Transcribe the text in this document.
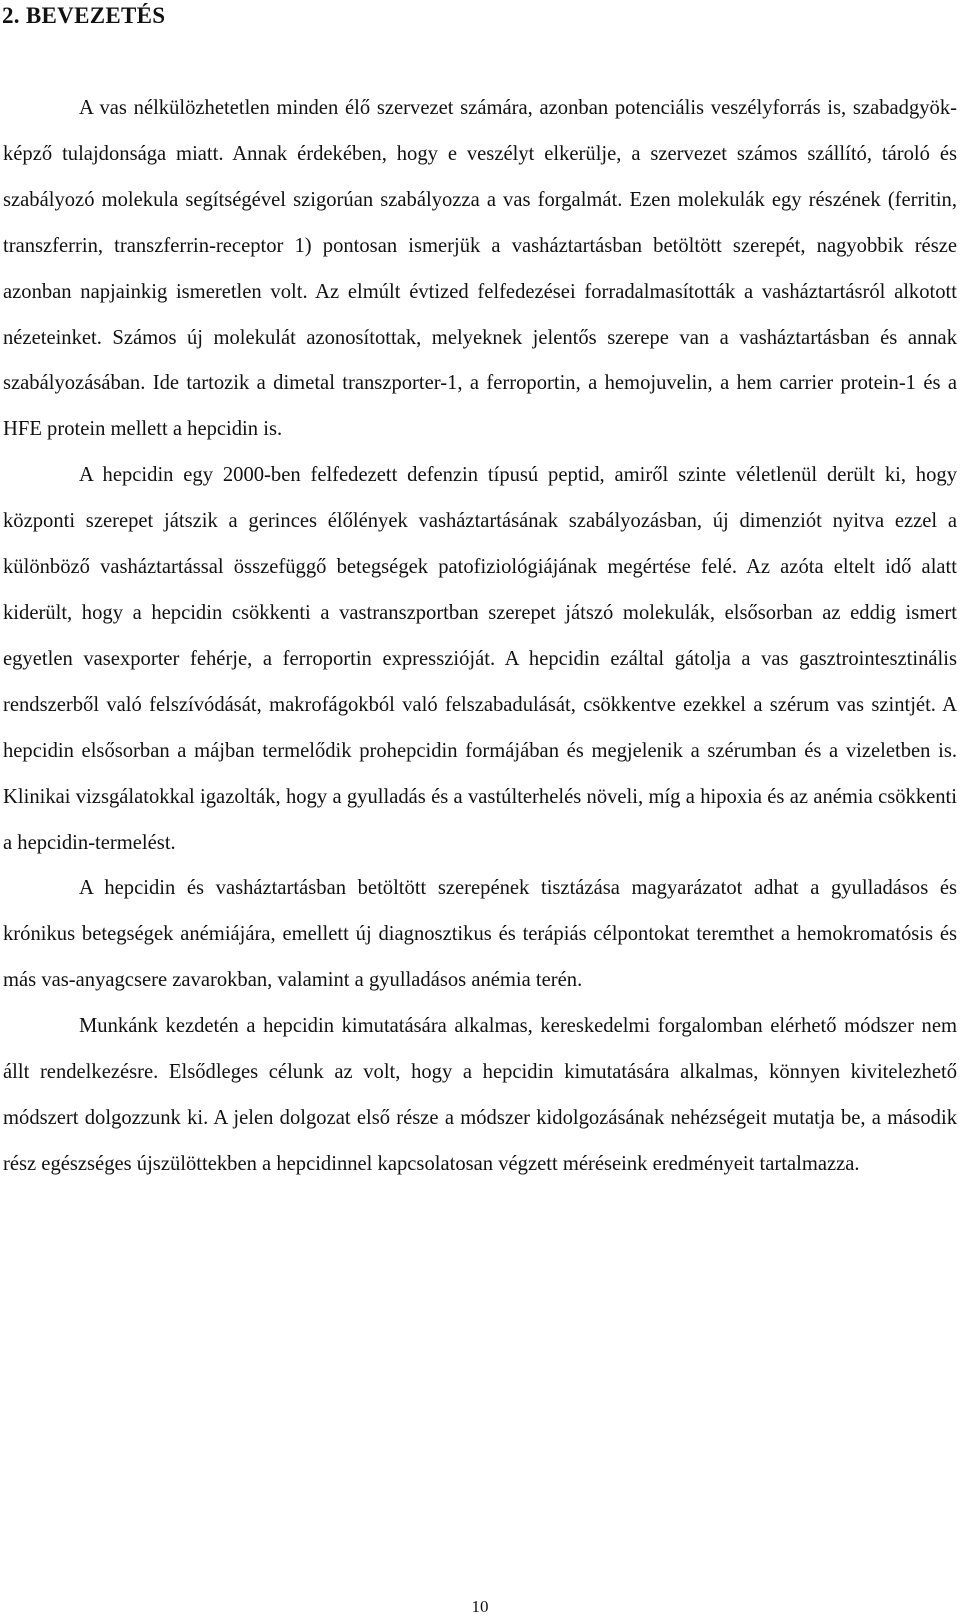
2. BEVEZETÉS

A vas nélkülözhetetlen minden élő szervezet számára, azonban potenciális veszélyforrás is, szabadgyök-képző tulajdonsága miatt. Annak érdekében, hogy e veszélyt elkerülje, a szervezet számos szállító, tároló és szabályozó molekula segítségével szigorúan szabályozza a vas forgalmát. Ezen molekulák egy részének (ferritin, transzferrin, transzferrin-receptor 1) pontosan ismerjük a vasháztartásban betöltött szerepét, nagyobbik része azonban napjainkig ismeretlen volt. Az elmúlt évtized felfedezései forradalmasították a vasháztartásról alkotott nézeteinket. Számos új molekulát azonosítottak, melyeknek jelentős szerepe van a vasháztartásban és annak szabályozásában. Ide tartozik a dimetal transzporter-1, a ferroportin, a hemojuvelin, a hem carrier protein-1 és a HFE protein mellett a hepcidin is.

A hepcidin egy 2000-ben felfedezett defenzin típusú peptid, amiről szinte véletlenül derült ki, hogy központi szerepet játszik a gerinces élőlények vasháztartásának szabályozásban, új dimenziót nyitva ezzel a különböző vasháztartással összefüggő betegségek patofiziológiájának megértése felé. Az azóta eltelt idő alatt kiderült, hogy a hepcidin csökkenti a vastranszportban szerepet játszó molekulák, elsősorban az eddig ismert egyetlen vasexporter fehérje, a ferroportin expresszióját. A hepcidin ezáltal gátolja a vas gasztrointesztinális rendszerből való felszívódását, makrofágokból való felszabadulását, csökkentve ezekkel a szérum vas szintjét. A hepcidin elsősorban a májban termelődik prohepcidin formájában és megjelenik a szérumban és a vizeletben is. Klinikai vizsgálatokkal igazolták, hogy a gyulladás és a vastúlterhelés növeli, míg a hipoxia és az anémia csökkenti a hepcidin-termelést.

A hepcidin és vasháztartásban betöltött szerepének tisztázása magyarázatot adhat a gyulladásos és krónikus betegségek anémiájára, emellett új diagnosztikus és terápiás célpontokat teremthet a hemokromatósis és más vas-anyagcsere zavarokban, valamint a gyulladásos anémia terén.

Munkánk kezdetén a hepcidin kimutatására alkalmas, kereskedelmi forgalomban elérhető módszer nem állt rendelkezésre. Elsődleges célunk az volt, hogy a hepcidin kimutatására alkalmas, könnyen kivitelezhető módszert dolgozzunk ki. A jelen dolgozat első része a módszer kidolgozásának nehézségeit mutatja be, a második rész egészséges újszülöttekben a hepcidinnel kapcsolatosan végzett méréseink eredményeit tartalmazza.

10
